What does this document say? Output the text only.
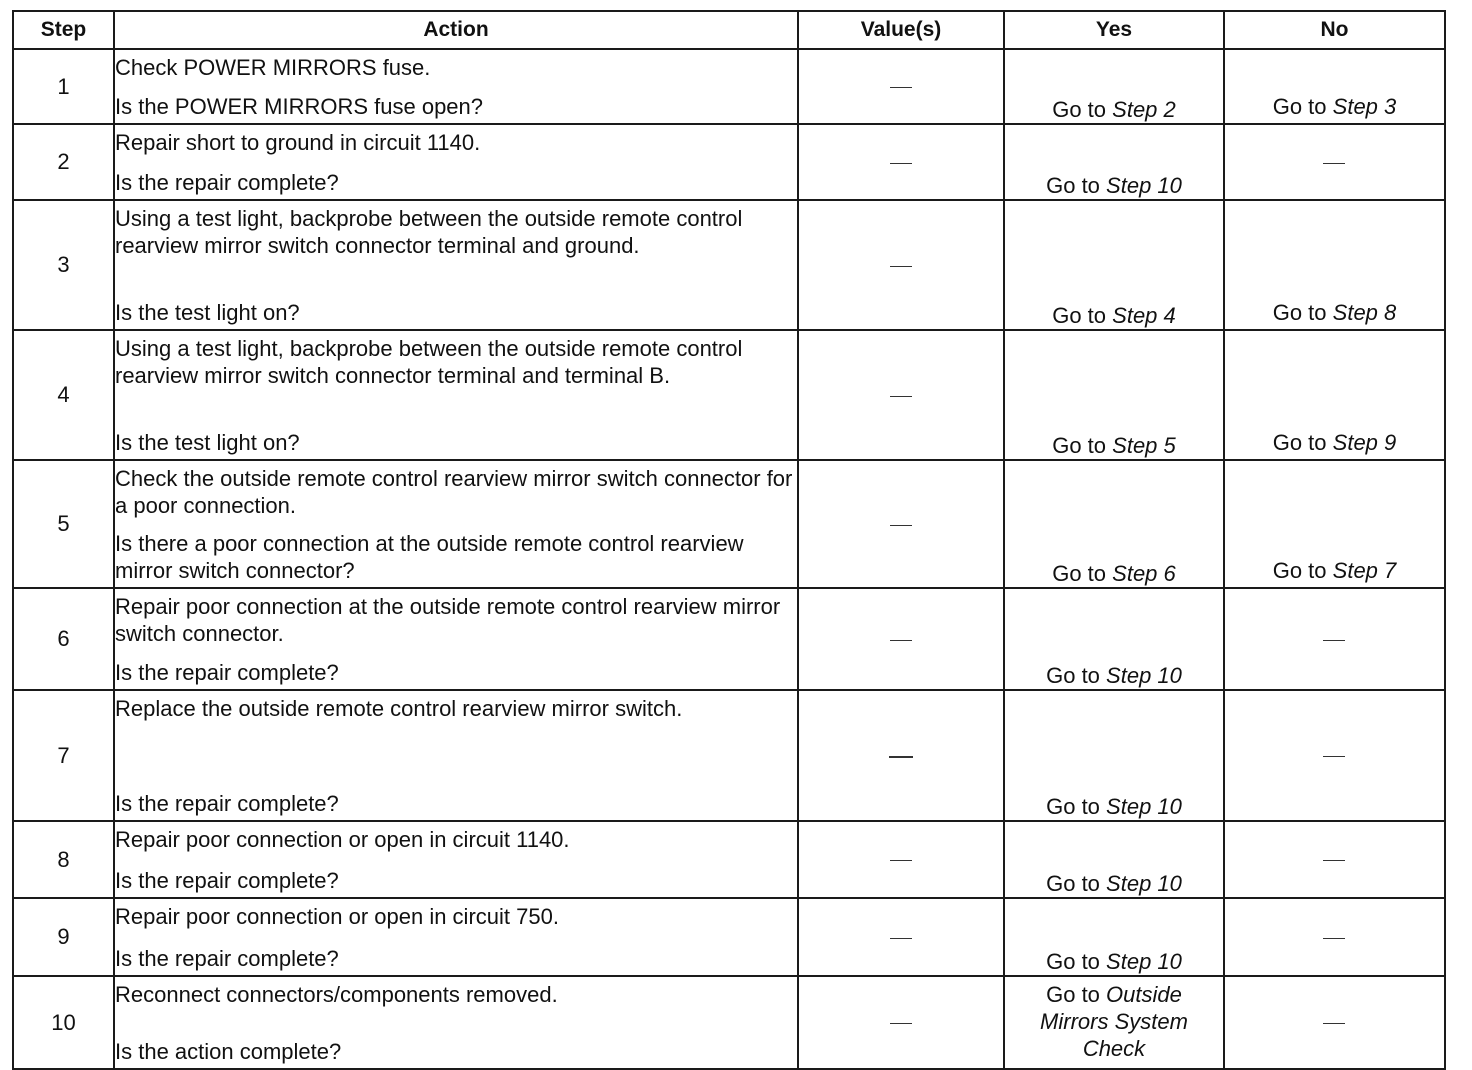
Step	Action	Value(s)	Yes	No
1	Check POWER MIRRORS fuse.
Is the POWER MIRRORS fuse open?		Go to Step 2	Go to Step 3
2	Repair short to ground in circuit 1140.
Is the repair complete?		Go to Step 10	
3	Using a test light, backprobe between the outside remote control rearview mirror switch connector terminal and ground.
Is the test light on?		Go to Step 4	Go to Step 8
4	Using a test light, backprobe between the outside remote control rearview mirror switch connector terminal and terminal B.
Is the test light on?		Go to Step 5	Go to Step 9
5	Check the outside remote control rearview mirror switch connector for a poor connection.
Is there a poor connection at the outside remote control rearview mirror switch connector?		Go to Step 6	Go to Step 7
6	Repair poor connection at the outside remote control rearview mirror switch connector.
Is the repair complete?		Go to Step 10	
7	Replace the outside remote control rearview mirror switch.
Is the repair complete?		Go to Step 10	
8	Repair poor connection or open in circuit 1140.
Is the repair complete?		Go to Step 10	
9	Repair poor connection or open in circuit 750.
Is the repair complete?		Go to Step 10	
10	Reconnect connectors/components removed.
Is the action complete?		Go to Outside Mirrors System Check	
